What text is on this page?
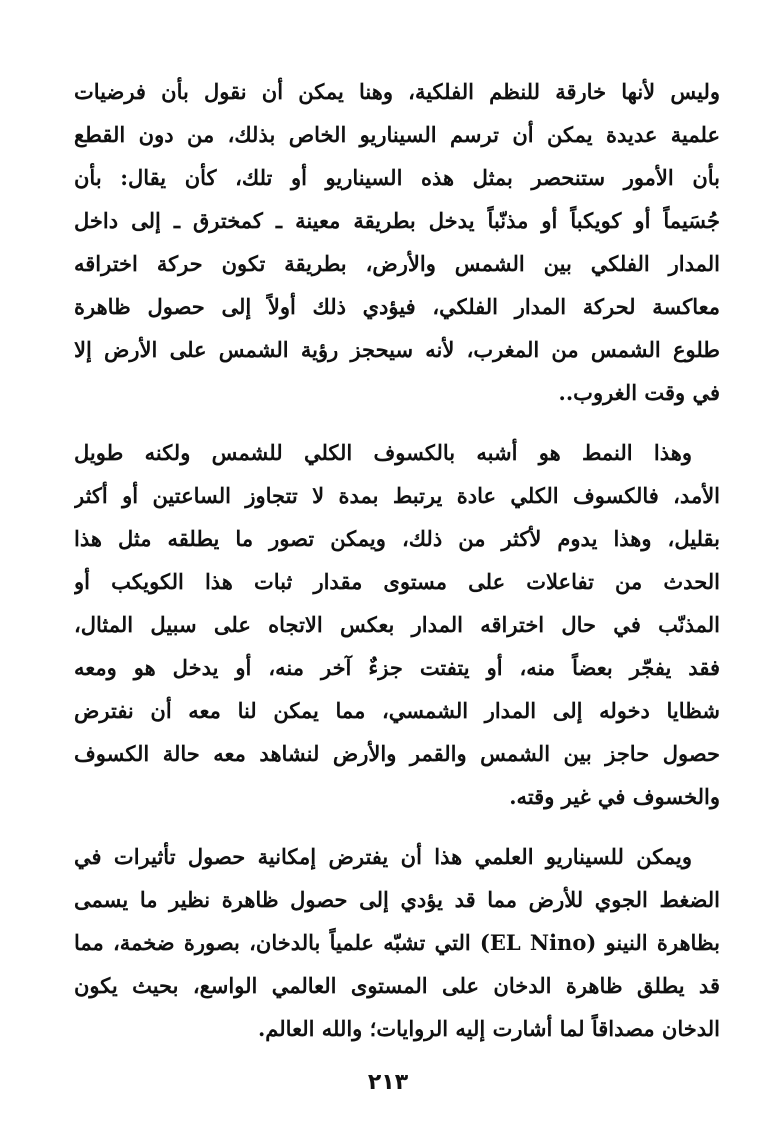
وليس لأنها خارقة للنظم الفلكية، وهنا يمكن أن نقول بأن فرضيات
علمية عديدة يمكن أن ترسم السيناريو الخاص بذلك، من دون القطع
بأن الأمور ستنحصر بمثل هذه السيناريو أو تلك، كأن يقال: بأن
جُسَيماً أو كويكباً أو مذنّباً يدخل بطريقة معينة ـ كمخترق ـ إلى داخل
المدار الفلكي بين الشمس والأرض، بطريقة تكون حركة اختراقه
معاكسة لحركة المدار الفلكي، فيؤدي ذلك أولاً إلى حصول ظاهرة
طلوع الشمس من المغرب، لأنه سيحجز رؤية الشمس على الأرض إلا
في وقت الغروب..
وهذا النمط هو أشبه بالكسوف الكلي للشمس ولكنه طويل
الأمد، فالكسوف الكلي عادة يرتبط بمدة لا تتجاوز الساعتين أو أكثر
بقليل، وهذا يدوم لأكثر من ذلك، ويمكن تصور ما يطلقه مثل هذا
الحدث من تفاعلات على مستوى مقدار ثبات هذا الكويكب أو
المذنّب في حال اختراقه المدار بعكس الاتجاه على سبيل المثال،
فقد يفجّر بعضاً منه، أو يتفتت جزءٌ آخر منه، أو يدخل هو ومعه
شظايا دخوله إلى المدار الشمسي، مما يمكن لنا معه أن نفترض
حصول حاجز بين الشمس والقمر والأرض لنشاهد معه حالة الكسوف
والخسوف في غير وقته.
ويمكن للسيناريو العلمي هذا أن يفترض إمكانية حصول تأثيرات في
الضغط الجوي للأرض مما قد يؤدي إلى حصول ظاهرة نظير ما يسمى
بظاهرة النينو (EL Nino) التي تشبّه علمياً بالدخان، بصورة ضخمة، مما
قد يطلق ظاهرة الدخان على المستوى العالمي الواسع، بحيث يكون
الدخان مصداقاً لما أشارت إليه الروايات؛ والله العالم.
٢١٣
